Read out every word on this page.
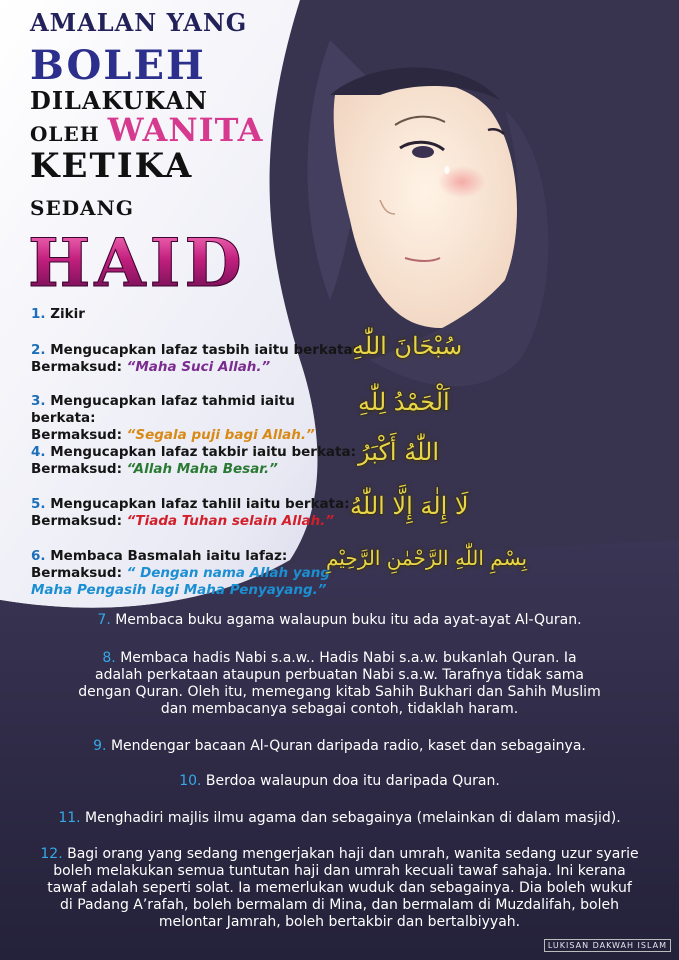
AMALAN YANG
BOLEH
DILAKUKAN
OLEH WANITA
KETIKA
SEDANG
HAID
1. Zikir
2. Mengucapkan lafaz tasbih iaitu berkata:
Bermaksud: “Maha Suci Allah.”
سُبْحَانَ اللّٰهِ
3. Mengucapkan lafaz tahmid iaitu berkata:
Bermaksud: “Segala puji bagi Allah.”
اَلْحَمْدُ لِلّٰهِ
4. Mengucapkan lafaz takbir iaitu berkata:
Bermaksud: “Allah Maha Besar.”
اللّٰهُ أَكْبَرُ
5. Mengucapkan lafaz tahlil iaitu berkata:
Bermaksud: “Tiada Tuhan selain Allah.”
لَا إِلٰهَ إِلَّا اللّٰهُ
6. Membaca Basmalah iaitu lafaz:
Bermaksud: “ Dengan nama Allah yang
Maha Pengasih lagi Maha Penyayang.”
بِسْمِ اللّٰهِ الرَّحْمٰنِ الرَّحِيْمِ
7. Membaca buku agama walaupun buku itu ada ayat-ayat Al-Quran.
8. Membaca hadis Nabi s.a.w.. Hadis Nabi s.a.w. bukanlah Quran. Ia
adalah perkataan ataupun perbuatan Nabi s.a.w. Tarafnya tidak sama
dengan Quran. Oleh itu, memegang kitab Sahih Bukhari dan Sahih Muslim
dan membacanya sebagai contoh, tidaklah haram.
9. Mendengar bacaan Al-Quran daripada radio, kaset dan sebagainya.
10. Berdoa walaupun doa itu daripada Quran.
11. Menghadiri majlis ilmu agama dan sebagainya (melainkan di dalam masjid).
12. Bagi orang yang sedang mengerjakan haji dan umrah, wanita sedang uzur syarie
boleh melakukan semua tuntutan haji dan umrah kecuali tawaf sahaja. Ini kerana
tawaf adalah seperti solat. Ia memerlukan wuduk dan sebagainya. Dia boleh wukuf
di Padang A’rafah, boleh bermalam di Mina, dan bermalam di Muzdalifah, boleh
melontar Jamrah, boleh bertakbir dan bertalbiyyah.
LUKISAN DAKWAH ISLAM
